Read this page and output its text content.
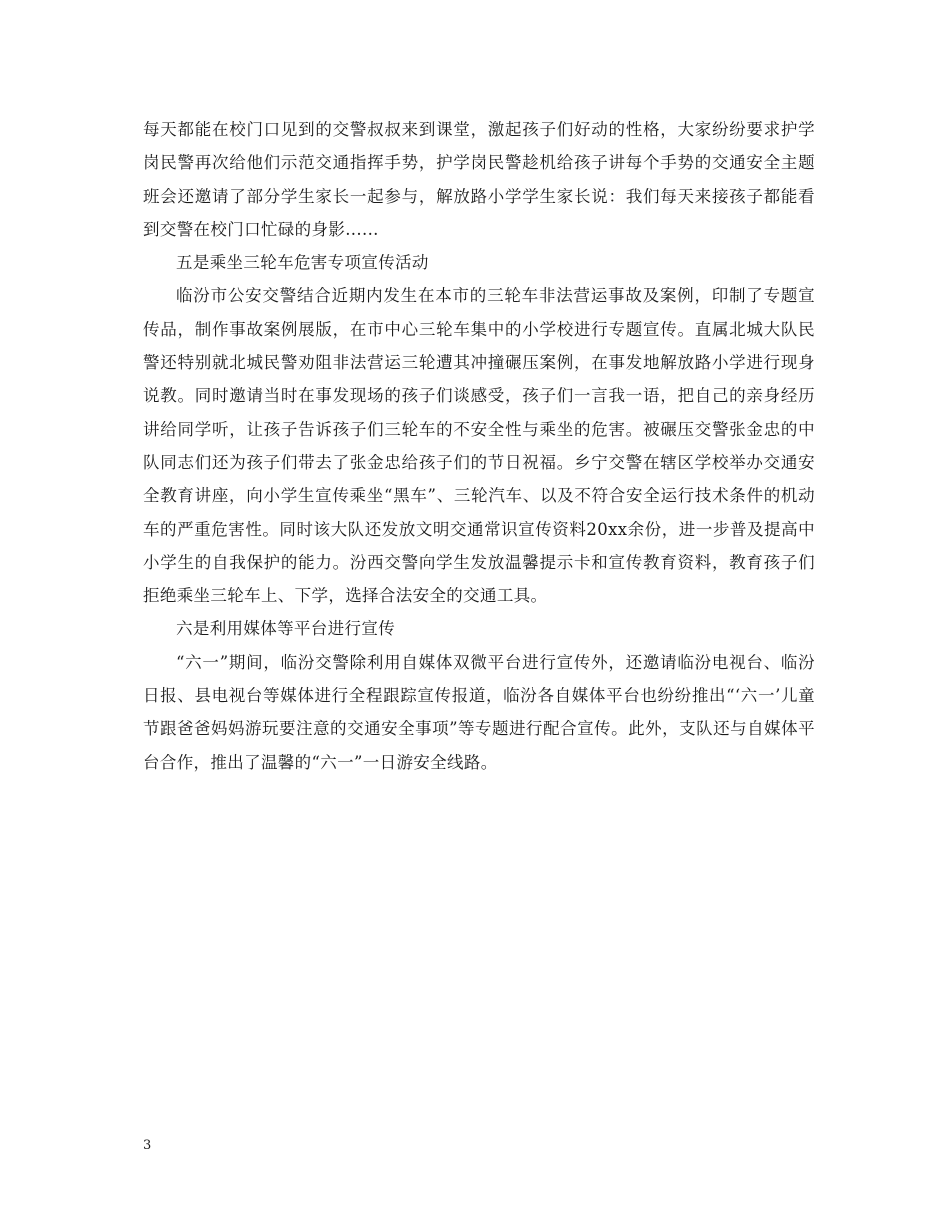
每天都能在校门口见到的交警叔叔来到课堂，激起孩子们好动的性格，大家纷纷要求护学岗民警再次给他们示范交通指挥手势，护学岗民警趁机给孩子讲每个手势的交通安全主题班会还邀请了部分学生家长一起参与，解放路小学学生家长说：我们每天来接孩子都能看到交警在校门口忙碌的身影......

五是乘坐三轮车危害专项宣传活动

临汾市公安交警结合近期内发生在本市的三轮车非法营运事故及案例，印制了专题宣传品，制作事故案例展版，在市中心三轮车集中的小学校进行专题宣传。直属北城大队民警还特别就北城民警劝阻非法营运三轮遭其冲撞碾压案例，在事发地解放路小学进行现身说教。同时邀请当时在事发现场的孩子们谈感受，孩子们一言我一语，把自己的亲身经历讲给同学听，让孩子告诉孩子们三轮车的不安全性与乘坐的危害。被碾压交警张金忠的中队同志们还为孩子们带去了张金忠给孩子们的节日祝福。乡宁交警在辖区学校举办交通安全教育讲座，向小学生宣传乘坐“黑车”、三轮汽车、以及不符合安全运行技术条件的机动车的严重危害性。同时该大队还发放文明交通常识宣传资料20xx余份，进一步普及提高中小学生的自我保护的能力。汾西交警向学生发放温馨提示卡和宣传教育资料，教育孩子们拒绝乘坐三轮车上、下学，选择合法安全的交通工具。

六是利用媒体等平台进行宣传

“六一”期间，临汾交警除利用自媒体双微平台进行宣传外，还邀请临汾电视台、临汾日报、县电视台等媒体进行全程跟踪宣传报道，临汾各自媒体平台也纷纷推出“‘六一’儿童节跟爸爸妈妈游玩要注意的交通安全事项”等专题进行配合宣传。此外，支队还与自媒体平台合作，推出了温馨的“六一”一日游安全线路。

3
